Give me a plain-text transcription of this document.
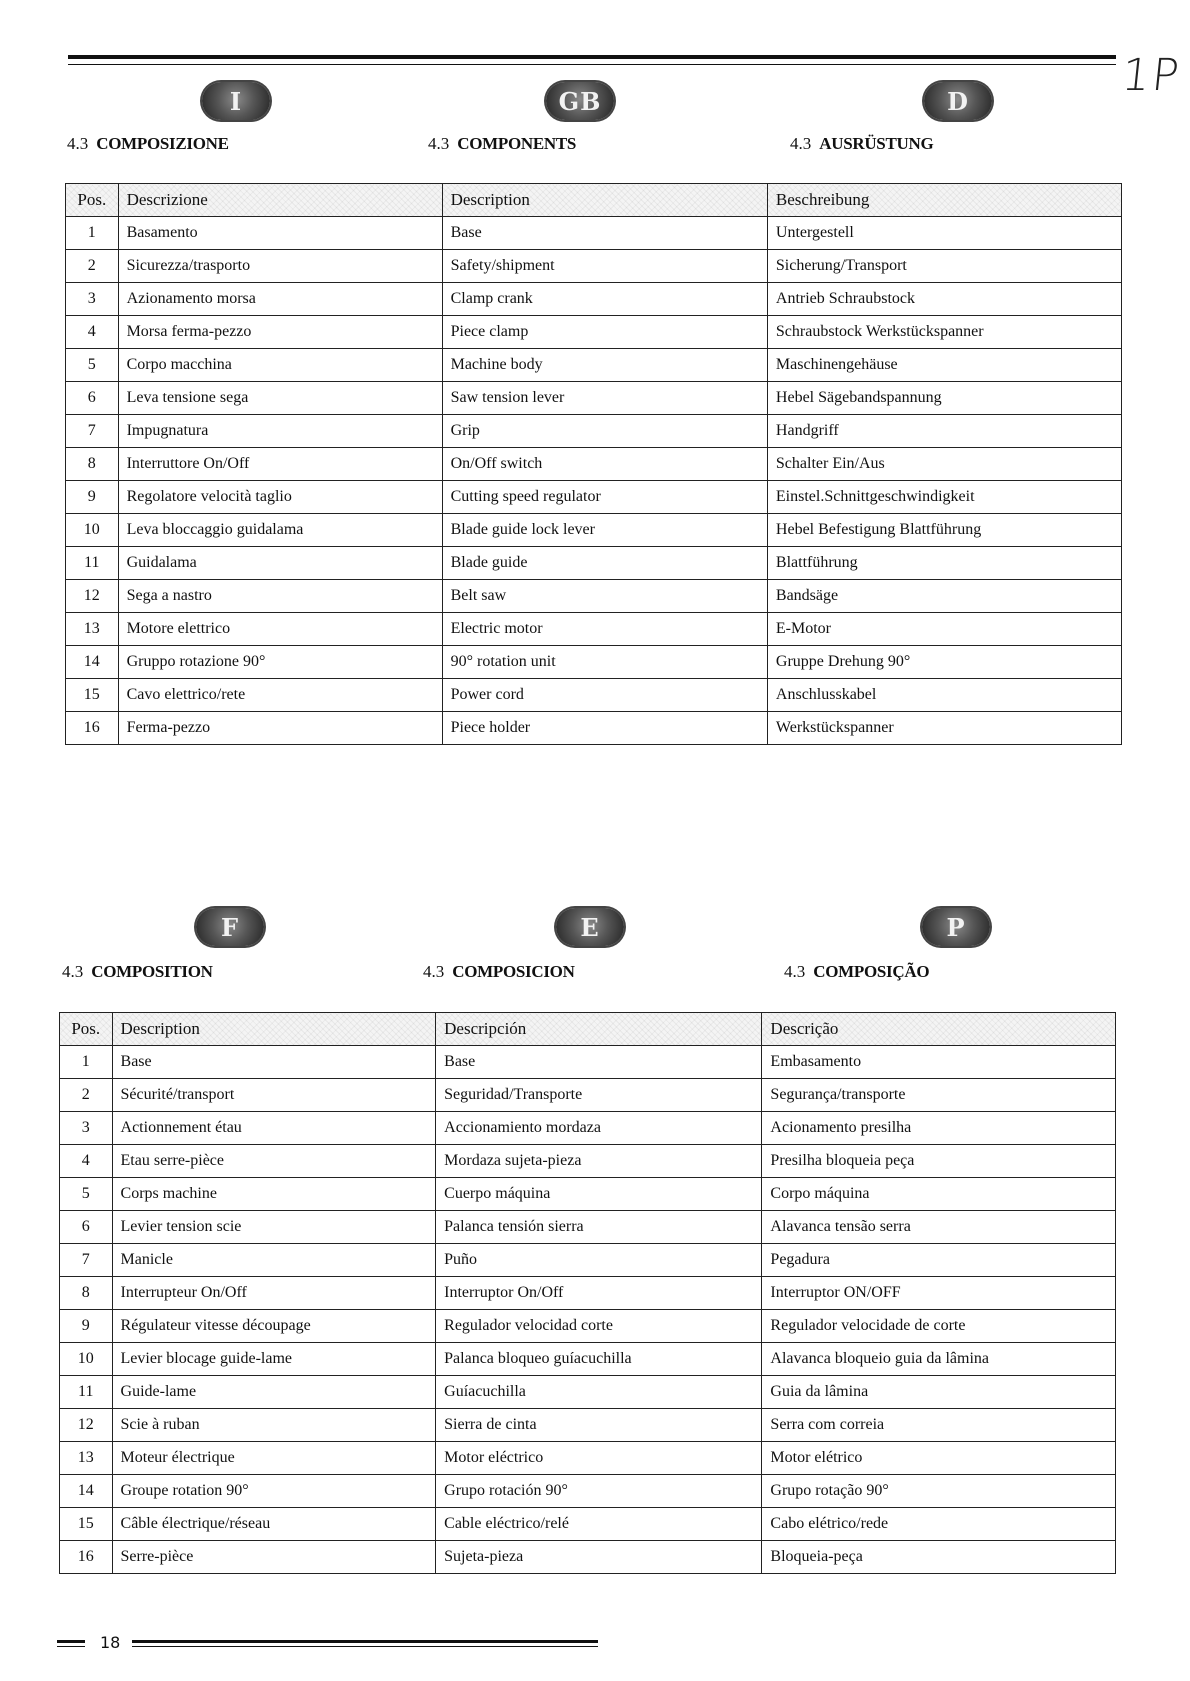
1P
I	GB	D
4.3 COMPOSIZIONE	4.3 COMPONENTS	4.3 AUSRÜSTUNG
Pos.	Descrizione	Description	Beschreibung
1	Basamento	Base	Untergestell
2	Sicurezza/trasporto	Safety/shipment	Sicherung/Transport
3	Azionamento morsa	Clamp crank	Antrieb Schraubstock
4	Morsa ferma-pezzo	Piece clamp	Schraubstock Werkstückspanner
5	Corpo macchina	Machine body	Maschinengehäuse
6	Leva tensione sega	Saw tension lever	Hebel Sägebandspannung
7	Impugnatura	Grip	Handgriff
8	Interruttore On/Off	On/Off switch	Schalter Ein/Aus
9	Regolatore velocità taglio	Cutting speed regulator	Einstel.Schnittgeschwindigkeit
10	Leva bloccaggio guidalama	Blade guide lock lever	Hebel Befestigung Blattführung
11	Guidalama	Blade guide	Blattführung
12	Sega a nastro	Belt saw	Bandsäge
13	Motore elettrico	Electric motor	E-Motor
14	Gruppo rotazione 90°	90° rotation unit	Gruppe Drehung 90°
15	Cavo elettrico/rete	Power cord	Anschlusskabel
16	Ferma-pezzo	Piece holder	Werkstückspanner
F	E	P
4.3 COMPOSITION	4.3 COMPOSICION	4.3 COMPOSIÇÃO
Pos.	Description	Descripción	Descrição
1	Base	Base	Embasamento
2	Sécurité/transport	Seguridad/Transporte	Segurança/transporte
3	Actionnement étau	Accionamiento mordaza	Acionamento presilha
4	Etau serre-pièce	Mordaza sujeta-pieza	Presilha bloqueia peça
5	Corps machine	Cuerpo máquina	Corpo máquina
6	Levier tension scie	Palanca tensión sierra	Alavanca tensão serra
7	Manicle	Puño	Pegadura
8	Interrupteur On/Off	Interruptor On/Off	Interruptor ON/OFF
9	Régulateur vitesse découpage	Regulador velocidad corte	Regulador velocidade de corte
10	Levier blocage guide-lame	Palanca bloqueo guíacuchilla	Alavanca bloqueio guia da lâmina
11	Guide-lame	Guíacuchilla	Guia da lâmina
12	Scie à ruban	Sierra de cinta	Serra com correia
13	Moteur électrique	Motor eléctrico	Motor elétrico
14	Groupe rotation 90°	Grupo rotación 90°	Grupo rotação 90°
15	Câble électrique/réseau	Cable eléctrico/relé	Cabo elétrico/rede
16	Serre-pièce	Sujeta-pieza	Bloqueia-peça
18
